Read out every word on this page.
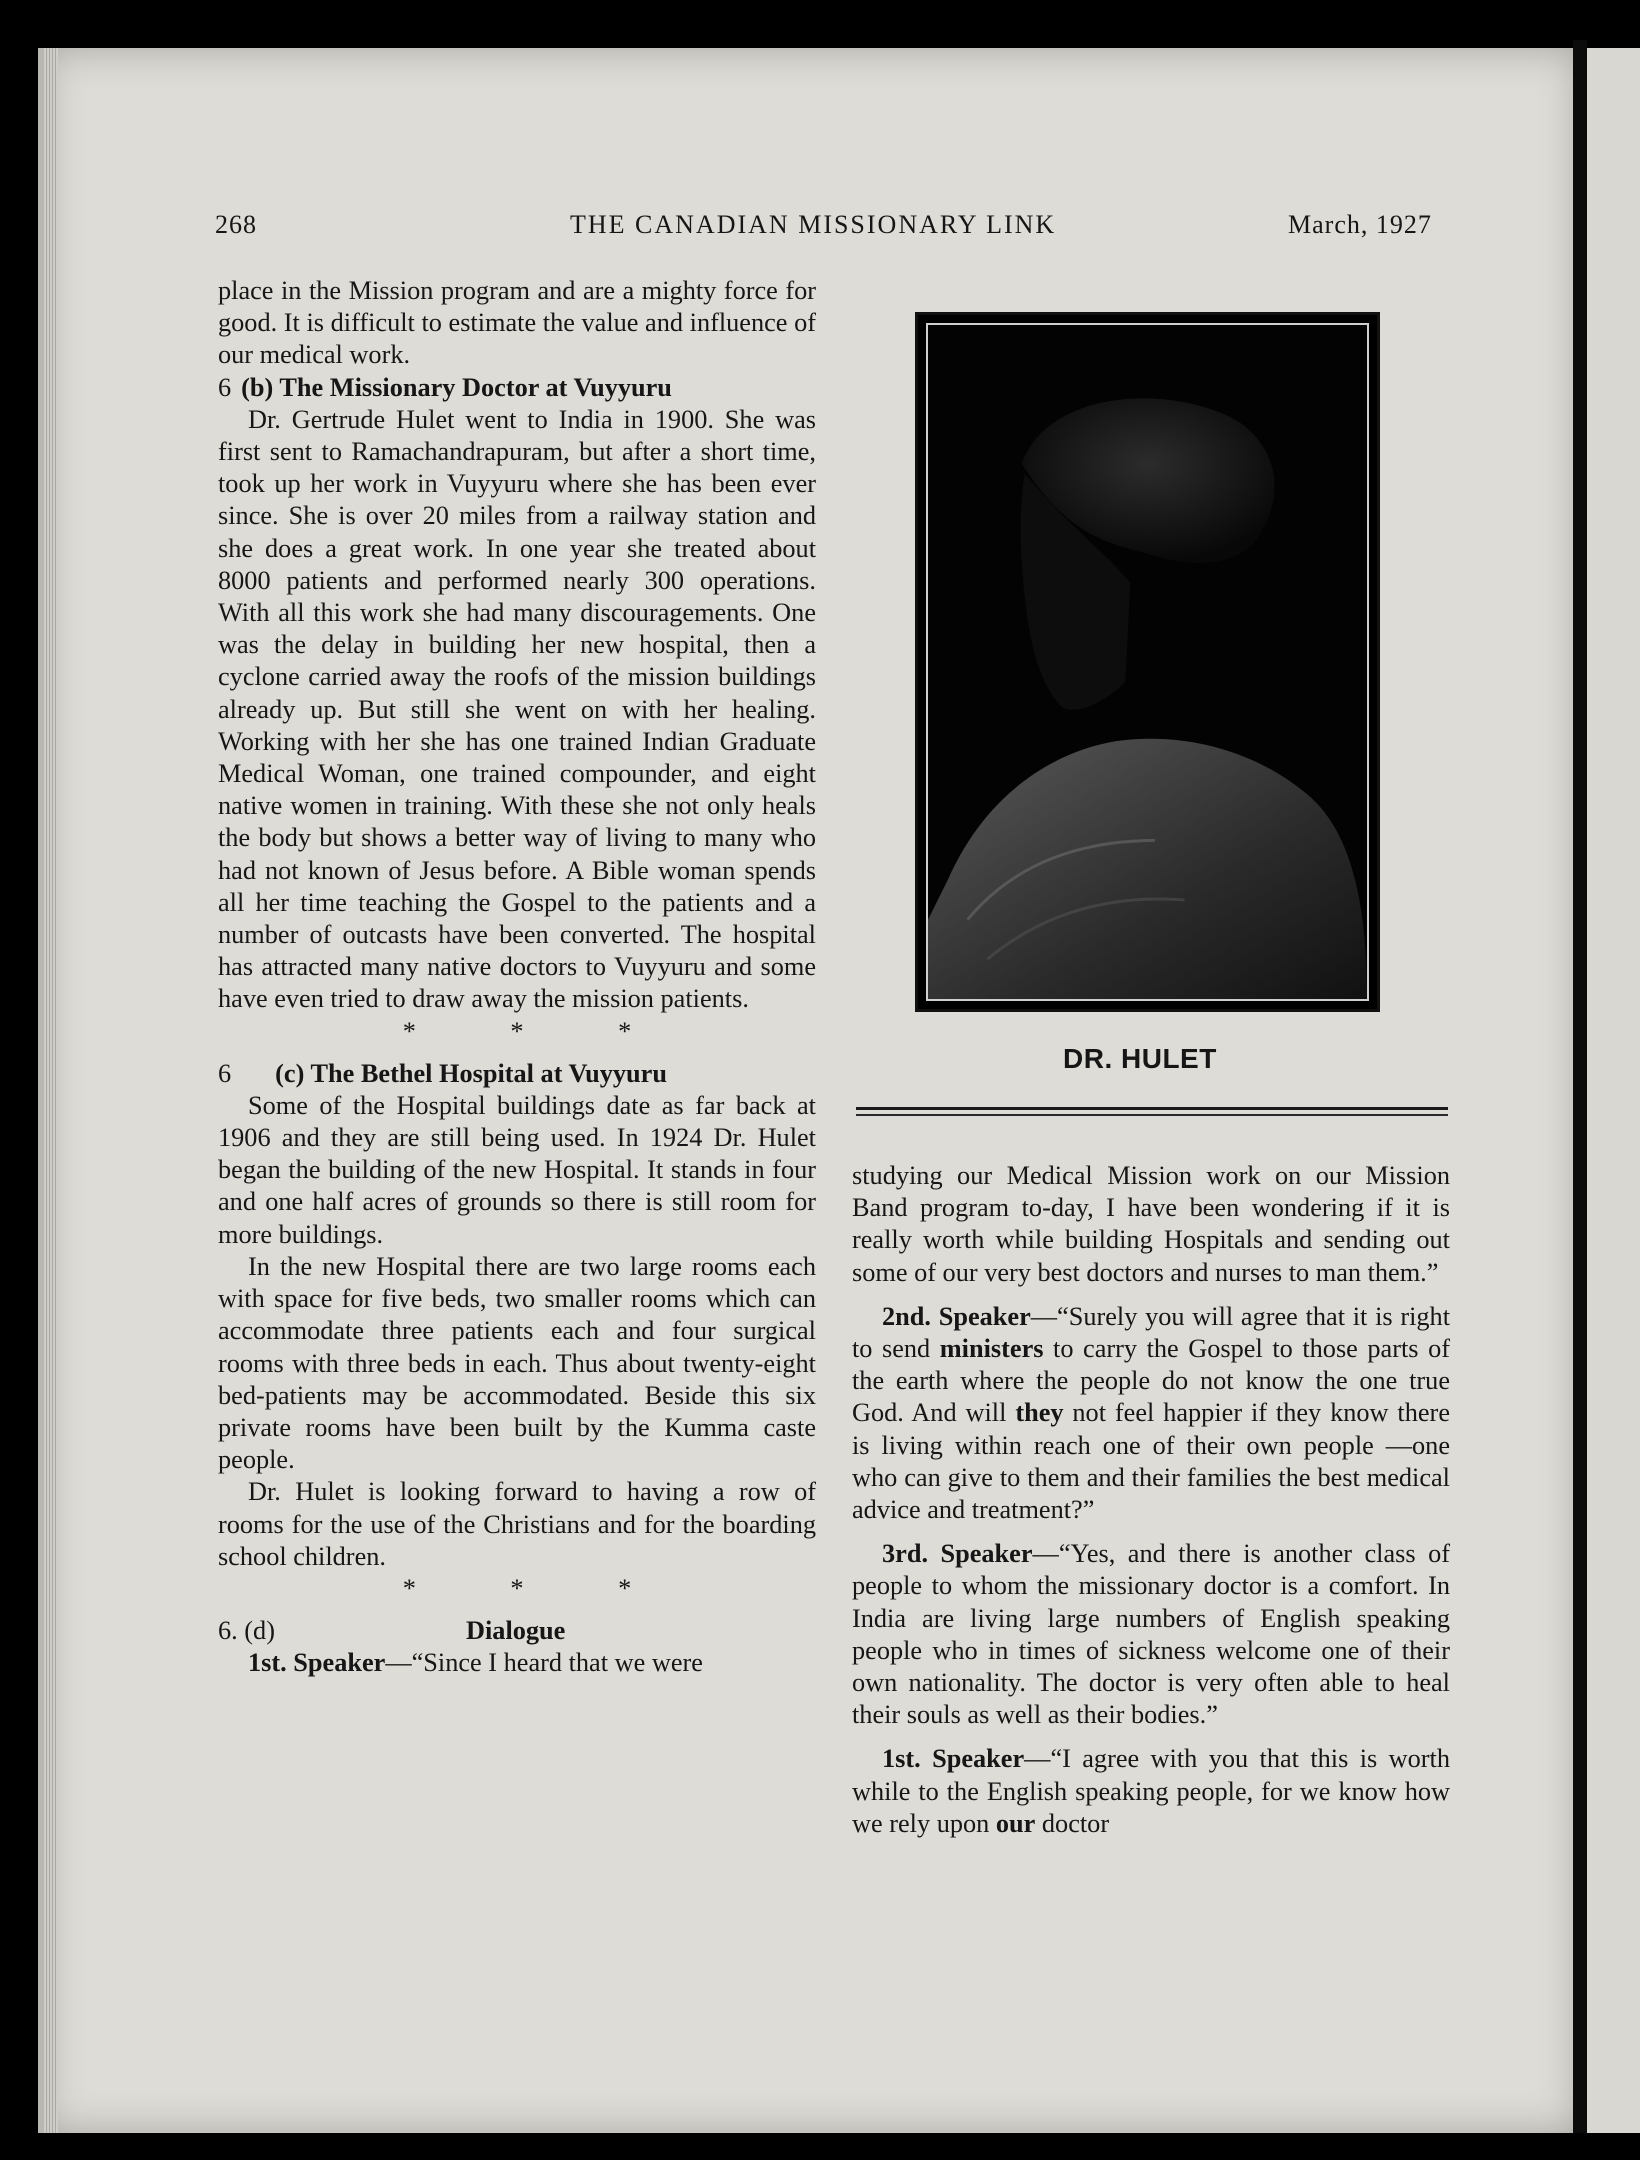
268	THE CANADIAN MISSIONARY LINK	March, 1927

place in the Mission program and are a mighty force for good. It is difficult to estimate the value and influence of our medical work.

6 (b) The Missionary Doctor at Vuyyuru

Dr. Gertrude Hulet went to India in 1900. She was first sent to Ramachandrapuram, but after a short time, took up her work in Vuyyuru where she has been ever since. She is over 20 miles from a railway station and she does a great work. In one year she treated about 8000 patients and performed nearly 300 operations. With all this work she had many discouragements. One was the delay in building her new hospital, then a cyclone carried away the roofs of the mission buildings already up. But still she went on with her healing. Working with her she has one trained Indian Graduate Medical Woman, one trained compounder, and eight native women in training. With these she not only heals the body but shows a better way of living to many who had not known of Jesus before. A Bible woman spends all her time teaching the Gospel to the patients and a number of outcasts have been converted. The hospital has attracted many native doctors to Vuyyuru and some have even tried to draw away the mission patients.

* * *
6 (c) The Bethel Hospital at Vuyyuru

Some of the Hospital buildings date as far back at 1906 and they are still being used. In 1924 Dr. Hulet began the building of the new Hospital. It stands in four and one half acres of grounds so there is still room for more buildings.

In the new Hospital there are two large rooms each with space for five beds, two smaller rooms which can accommodate three patients each and four surgical rooms with three beds in each. Thus about twenty-eight bed-patients may be accommodated. Beside this six private rooms have been built by the Kumma caste people.

Dr. Hulet is looking forward to having a row of rooms for the use of the Christians and for the boarding school children.

* * *
6. (d)	Dialogue

1st. Speaker—“Since I heard that we were

DR. HULET

studying our Medical Mission work on our Mission Band program to-day, I have been wondering if it is really worth while building Hospitals and sending out some of our very best doctors and nurses to man them.”

2nd. Speaker—“Surely you will agree that it is right to send ministers to carry the Gospel to those parts of the earth where the people do not know the one true God. And will they not feel happier if they know there is living within reach one of their own people —one who can give to them and their families the best medical advice and treatment?”

3rd. Speaker—“Yes, and there is another class of people to whom the missionary doctor is a comfort. In India are living large numbers of English speaking people who in times of sickness welcome one of their own nationality. The doctor is very often able to heal their souls as well as their bodies.”

1st. Speaker—“I agree with you that this is worth while to the English speaking people, for we know how we rely upon our doctor
